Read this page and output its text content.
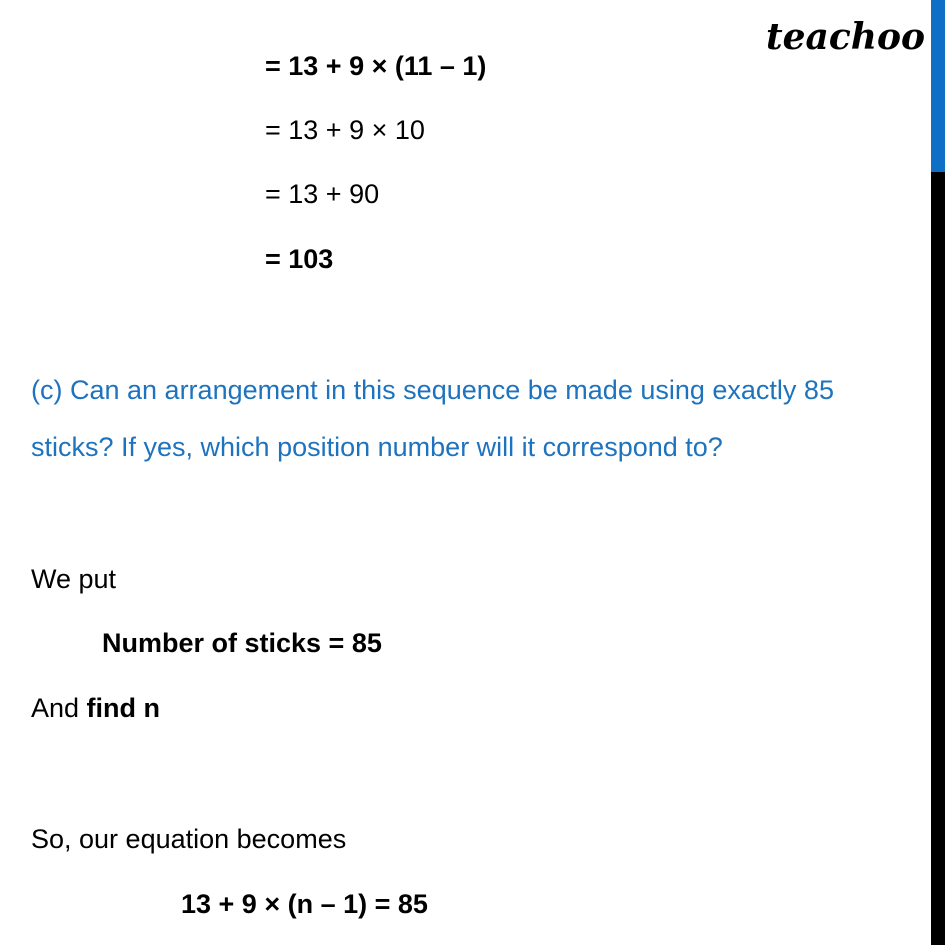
teachoo
= 13 + 9 × (11 – 1)
= 13 + 9 × 10
= 13 + 90
= 103
(c) Can an arrangement in this sequence be made using exactly 85
sticks? If yes, which position number will it correspond to?
We put
Number of sticks = 85
And find n
So, our equation becomes
13 + 9 × (n – 1) = 85
